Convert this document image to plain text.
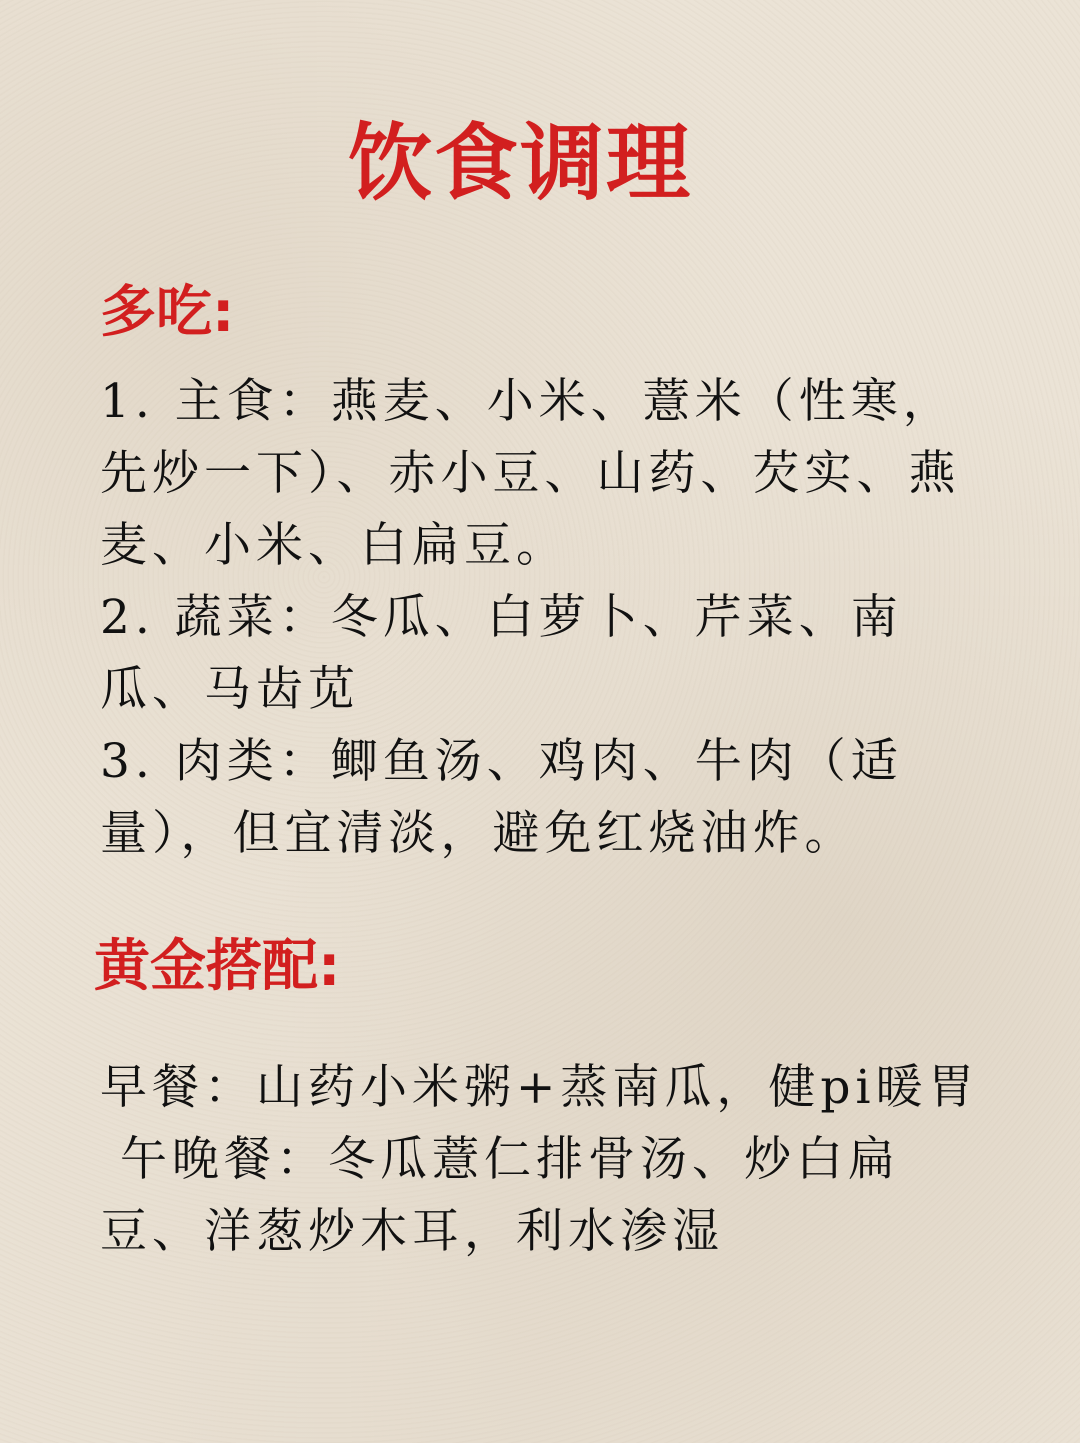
饮食调理
多吃:

1. 主食：燕麦、小米、薏米（性寒，先炒一下）、赤小豆、山药、芡实、燕麦、小米、白扁豆。

2. 蔬菜：冬瓜、白萝卜、芹菜、南瓜、马齿苋

3. 肉类：鲫鱼汤、鸡肉、牛肉（适量），但宜清淡，避免红烧油炸。

黄金搭配:

早餐：山药小米粥+蒸南瓜，健pi暖胃

午晚餐：冬瓜薏仁排骨汤、炒白扁豆、洋葱炒木耳，利水渗湿
